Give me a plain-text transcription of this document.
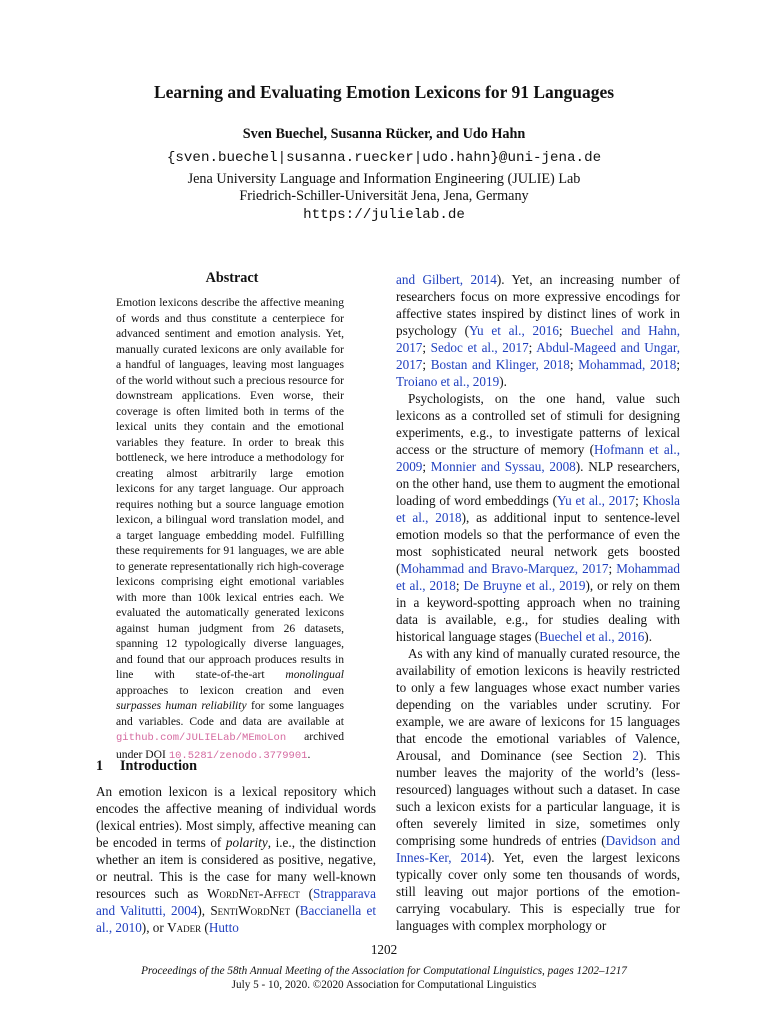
Learning and Evaluating Emotion Lexicons for 91 Languages
Sven Buechel, Susanna Rücker, and Udo Hahn
{sven.buechel|susanna.ruecker|udo.hahn}@uni-jena.de
Jena University Language and Information Engineering (JULIE) Lab
Friedrich-Schiller-Universität Jena, Jena, Germany
https://julielab.de
Abstract
Emotion lexicons describe the affective meaning of words and thus constitute a centerpiece for advanced sentiment and emotion analysis. Yet, manually curated lexicons are only available for a handful of languages, leaving most languages of the world without such a precious resource for downstream applications. Even worse, their coverage is often limited both in terms of the lexical units they contain and the emotional variables they feature. In order to break this bottleneck, we here introduce a methodology for creating almost arbitrarily large emotion lexicons for any target language. Our approach requires nothing but a source language emotion lexicon, a bilingual word translation model, and a target language embedding model. Fulfilling these requirements for 91 languages, we are able to generate representationally rich high-coverage lexicons comprising eight emotional variables with more than 100k lexical entries each. We evaluated the automatically generated lexicons against human judgment from 26 datasets, spanning 12 typologically diverse languages, and found that our approach produces results in line with state-of-the-art monolingual approaches to lexicon creation and even surpasses human reliability for some languages and variables. Code and data are available at github.com/JULIELab/MEmoLon archived under DOI 10.5281/zenodo.3779901.
1 Introduction
An emotion lexicon is a lexical repository which encodes the affective meaning of individual words (lexical entries). Most simply, affective meaning can be encoded in terms of polarity, i.e., the distinction whether an item is considered as positive, negative, or neutral. This is the case for many well-known resources such as WordNet-Affect (Strapparava and Valitutti, 2004), SentiWordNet (Baccianella et al., 2010), or Vader (Hutto

and Gilbert, 2014). Yet, an increasing number of researchers focus on more expressive encodings for affective states inspired by distinct lines of work in psychology (Yu et al., 2016; Buechel and Hahn, 2017; Sedoc et al., 2017; Abdul-Mageed and Ungar, 2017; Bostan and Klinger, 2018; Mohammad, 2018; Troiano et al., 2019).

Psychologists, on the one hand, value such lexicons as a controlled set of stimuli for designing experiments, e.g., to investigate patterns of lexical access or the structure of memory (Hofmann et al., 2009; Monnier and Syssau, 2008). NLP researchers, on the other hand, use them to augment the emotional loading of word embeddings (Yu et al., 2017; Khosla et al., 2018), as additional input to sentence-level emotion models so that the performance of even the most sophisticated neural network gets boosted (Mohammad and Bravo-Marquez, 2017; Mohammad et al., 2018; De Bruyne et al., 2019), or rely on them in a keyword-spotting approach when no training data is available, e.g., for studies dealing with historical language stages (Buechel et al., 2016).

As with any kind of manually curated resource, the availability of emotion lexicons is heavily restricted to only a few languages whose exact number varies depending on the variables under scrutiny. For example, we are aware of lexicons for 15 languages that encode the emotional variables of Valence, Arousal, and Dominance (see Section 2). This number leaves the majority of the world’s (less-resourced) languages without such a dataset. In case such a lexicon exists for a particular language, it is often severely limited in size, sometimes only comprising some hundreds of entries (Davidson and Innes-Ker, 2014). Yet, even the largest lexicons typically cover only some ten thousands of words, still leaving out major portions of the emotion-carrying vocabulary. This is especially true for languages with complex morphology or

1202
Proceedings of the 58th Annual Meeting of the Association for Computational Linguistics, pages 1202–1217
July 5 - 10, 2020. ©2020 Association for Computational Linguistics
